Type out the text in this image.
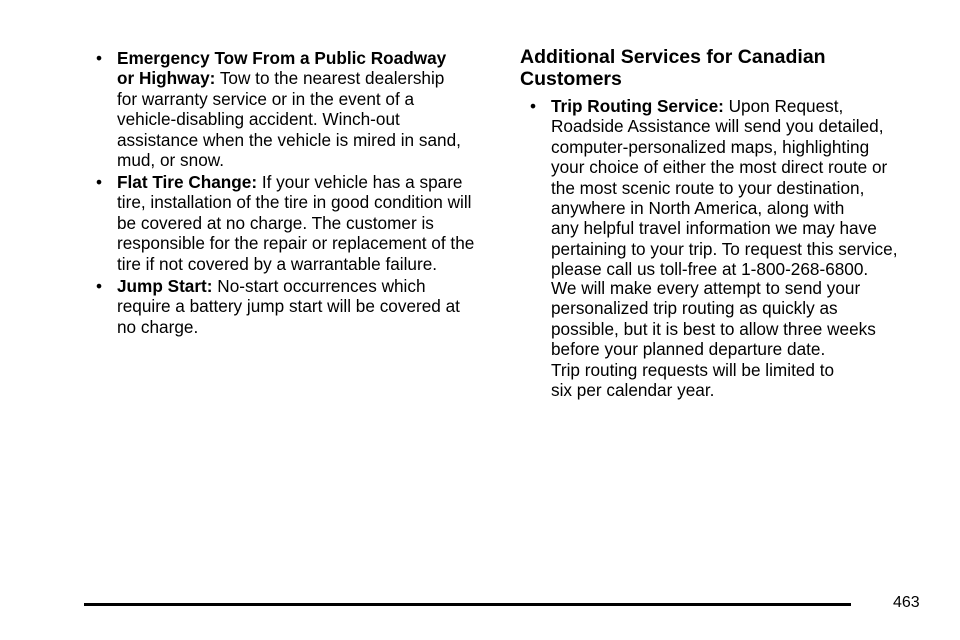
• Emergency Tow From a Public Roadway
or Highway: Tow to the nearest dealership
for warranty service or in the event of a
vehicle-disabling accident. Winch-out
assistance when the vehicle is mired in sand,
mud, or snow.
• Flat Tire Change: If your vehicle has a spare
tire, installation of the tire in good condition will
be covered at no charge. The customer is
responsible for the repair or replacement of the
tire if not covered by a warrantable failure.
• Jump Start: No-start occurrences which
require a battery jump start will be covered at
no charge.
Additional Services for Canadian
Customers
• Trip Routing Service: Upon Request,
Roadside Assistance will send you detailed,
computer-personalized maps, highlighting
your choice of either the most direct route or
the most scenic route to your destination,
anywhere in North America, along with
any helpful travel information we may have
pertaining to your trip. To request this service,
please call us toll-free at 1-800-268-6800.
We will make every attempt to send your
personalized trip routing as quickly as
possible, but it is best to allow three weeks
before your planned departure date.
Trip routing requests will be limited to
six per calendar year.
463
